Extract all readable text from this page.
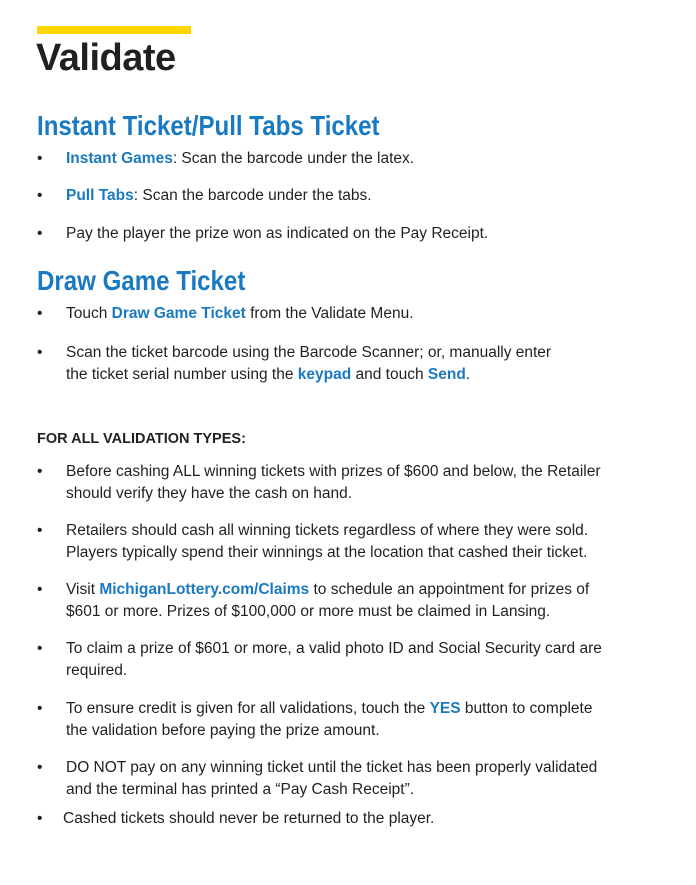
Validate
Instant Ticket/Pull Tabs Ticket
• Instant Games: Scan the barcode under the latex.
• Pull Tabs: Scan the barcode under the tabs.
• Pay the player the prize won as indicated on the Pay Receipt.
Draw Game Ticket
• Touch Draw Game Ticket from the Validate Menu.
• Scan the ticket barcode using the Barcode Scanner; or, manually enter
the ticket serial number using the keypad and touch Send.
FOR ALL VALIDATION TYPES:
• Before cashing ALL winning tickets with prizes of $600 and below, the Retailer
should verify they have the cash on hand.
• Retailers should cash all winning tickets regardless of where they were sold.
Players typically spend their winnings at the location that cashed their ticket.
• Visit MichiganLottery.com/Claims to schedule an appointment for prizes of
$601 or more. Prizes of $100,000 or more must be claimed in Lansing.
• To claim a prize of $601 or more, a valid photo ID and Social Security card are
required.
• To ensure credit is given for all validations, touch the YES button to complete
the validation before paying the prize amount.
• DO NOT pay on any winning ticket until the ticket has been properly validated
and the terminal has printed a “Pay Cash Receipt”.
• Cashed tickets should never be returned to the player.
